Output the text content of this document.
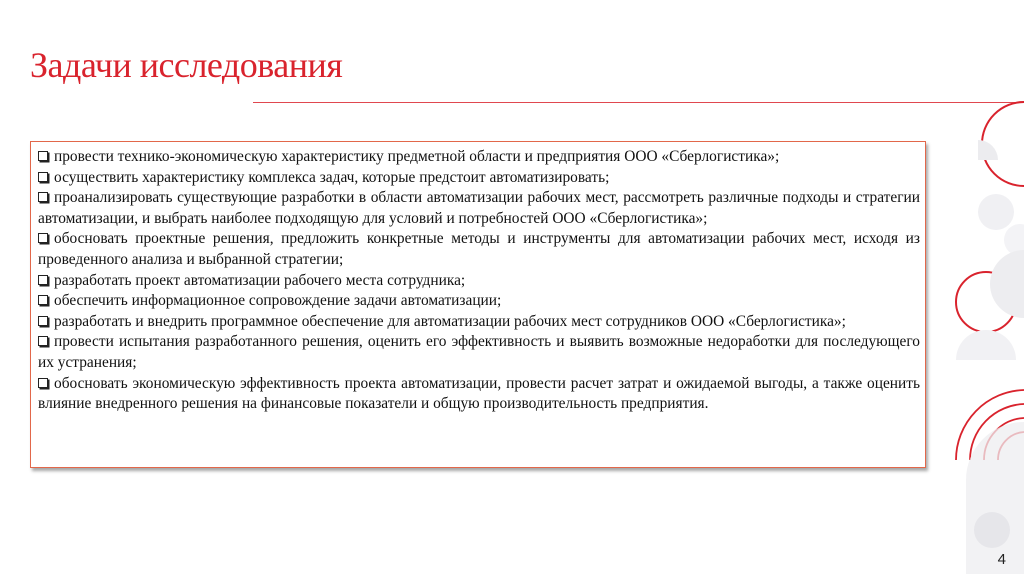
Задачи исследования
провести технико-экономическую характеристику предметной области и предприятия ООО «Сберлогистика»;
осуществить характеристику комплекса задач, которые предстоит автоматизировать;
проанализировать существующие разработки в области автоматизации рабочих мест, рассмотреть различные подходы и стратегии автоматизации, и выбрать наиболее подходящую для условий и потребностей ООО «Сберлогистика»;
обосновать проектные решения, предложить конкретные методы и инструменты для автоматизации рабочих мест, исходя из проведенного анализа и выбранной стратегии;
разработать проект автоматизации рабочего места сотрудника;
обеспечить информационное сопровождение задачи автоматизации;
разработать и внедрить программное обеспечение для автоматизации рабочих мест сотрудников ООО «Сберлогистика»;
провести испытания разработанного решения, оценить его эффективность и выявить возможные недоработки для последующего их устранения;
обосновать экономическую эффективность проекта автоматизации, провести расчет затрат и ожидаемой выгоды, а также оценить влияние внедренного решения на финансовые показатели и общую производительность предприятия.
4
